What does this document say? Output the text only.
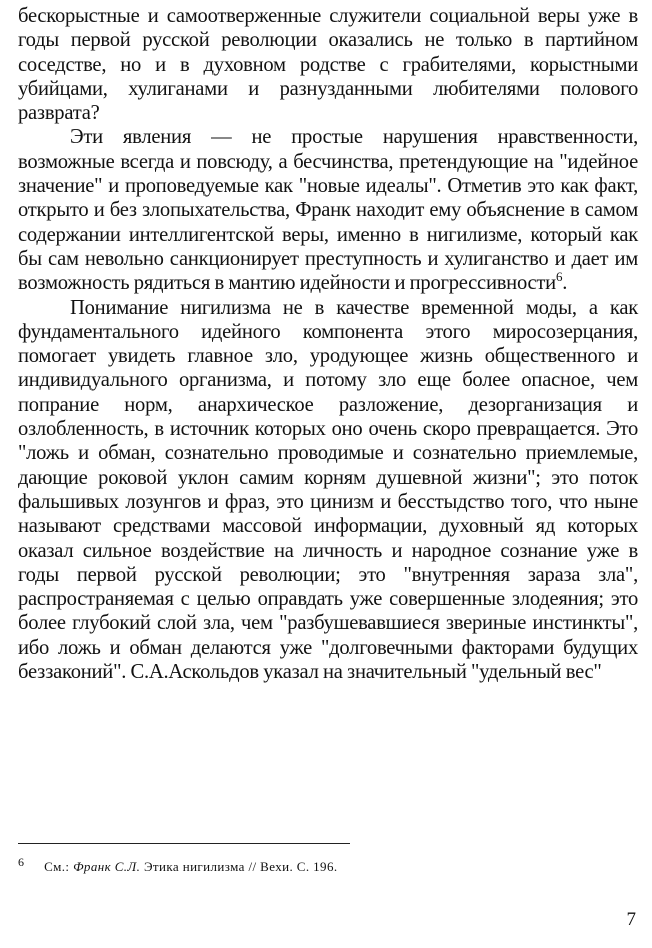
бескорыстные и самоотверженные служители социальной веры уже в годы первой русской революции оказались не только в партийном соседстве, но и в духовном родстве с грабителями, корыстными убийцами, хулиганами и разнузданными любителями полового разврата?

Эти явления — не простые нарушения нравственности, возможные всегда и повсюду, а бесчинства, претендующие на "идейное значение" и проповедуемые как "новые идеалы". Отметив это как факт, открыто и без злопыхательства, Франк находит ему объяснение в самом содержании интеллигентской веры, именно в нигилизме, который как бы сам невольно санкционирует преступность и хулиганство и дает им возможность рядиться в мантию идейности и прогрессивности$^6$.

Понимание нигилизма не в качестве временной моды, а как фундаментального идейного компонента этого миросозерцания, помогает увидеть главное зло, уродующее жизнь общественного и индивидуального организма, и потому зло еще более опасное, чем попрание норм, анархическое разложение, дезорганизация и озлобленность, в источник которых оно очень скоро превращается. Это "ложь и обман, сознательно проводимые и сознательно приемлемые, дающие роковой уклон самим корням душевной жизни"; это поток фальшивых лозунгов и фраз, это цинизм и бесстыдство того, что ныне называют средствами массовой информации, духовный яд которых оказал сильное воздействие на личность и народное сознание уже в годы первой русской революции; это "внутренняя зараза зла", распространяемая с целью оправдать уже совершенные злодеяния; это более глубокий слой зла, чем "разбушевавшиеся звериные инстинкты", ибо ложь и обман делаются уже "долговечными факторами будущих беззаконий". С.А.Аскольдов указал на значительный "удельный вес"

6 См.: Франк С.Л. Этика нигилизма // Вехи. С. 196.
7
